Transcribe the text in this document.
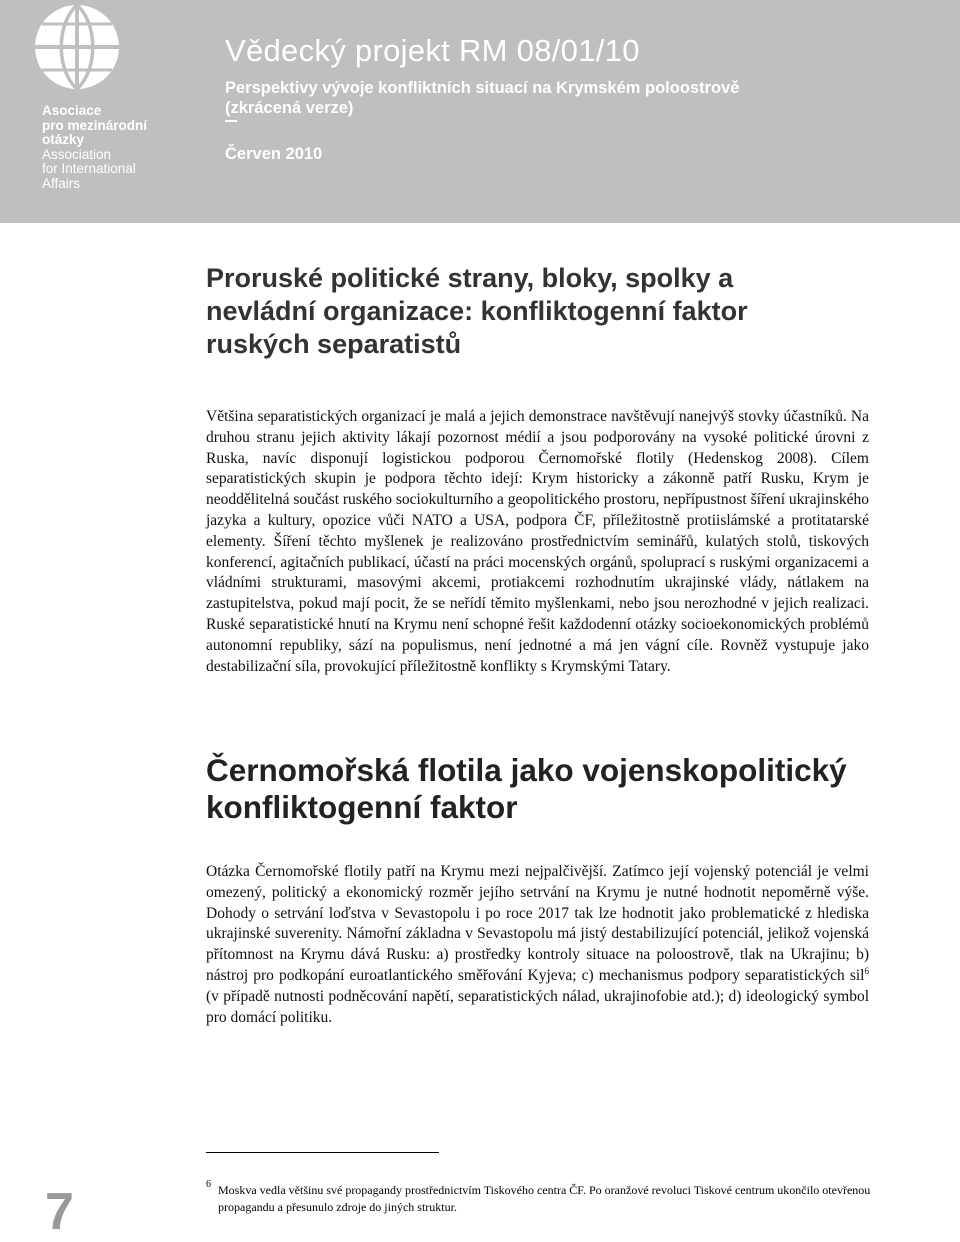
Asociace
pro mezinárodní
otázky
Association
for International
Affairs
Vědecký projekt RM 08/01/10
Perspektivy vývoje konfliktních situací na Krymském poloostrově
(zkrácená verze)
Červen 2010
Proruské politické strany, bloky, spolky a
nevládní organizace: konfliktogenní faktor
ruských separatistů

Většina separatistických organizací je malá a jejich demonstrace navštěvují nanejvýš stovky účastníků. Na druhou stranu jejich aktivity lákají pozornost médií a jsou podporovány na vysoké politické úrovni z Ruska, navíc disponují logistickou podporou Černomořské flotily (Hedenskog 2008). Cílem separatistických skupin je podpora těchto idejí: Krym historicky a zákonně patří Rusku, Krym je neoddělitelná součást ruského sociokulturního a geopolitického prostoru, nepřípustnost šíření ukrajinského jazyka a kultury, opozice vůči NATO a USA, podpora ČF, příležitostně protiislámské a protitatarské elementy. Šíření těchto myšlenek je realizováno prostřednictvím seminářů, kulatých stolů, tiskových konferencí, agitačních publikací, účastí na práci mocenských orgánů, spoluprací s ruskými organizacemi a vládními strukturami, masovými akcemi, protiakcemi rozhodnutím ukrajinské vlády, nátlakem na zastupitelstva, pokud mají pocit, že se neřídí těmito myšlenkami, nebo jsou nerozhodné v jejich realizaci. Ruské separatistické hnutí na Krymu není schopné řešit každodenní otázky socioekonomických problémů autonomní republiky, sází na populismus, není jednotné a má jen vágní cíle. Rovněž vystupuje jako destabilizační síla, provokující příležitostně konflikty s Krymskými Tatary.

Černomořská flotila jako vojenskopolitický
konfliktogenní faktor

Otázka Černomořské flotily patří na Krymu mezi nejpalčivější. Zatímco její vojenský potenciál je velmi omezený, politický a ekonomický rozměr jejího setrvání na Krymu je nutné hodnotit nepoměrně výše. Dohody o setrvání loďstva v Sevastopolu i po roce 2017 tak lze hodnotit jako problematické z hlediska ukrajinské suverenity. Námořní základna v Sevastopolu má jistý destabilizující potenciál, jelikož vojenská přítomnost na Krymu dává Rusku: a) prostředky kontroly situace na poloostrově, tlak na Ukrajinu; b) nástroj pro podkopání euroatlantického směřování Kyjeva; c) mechanismus podpory separatistických sil$^6$ (v případě nutnosti podněcování napětí, separatistických nálad, ukrajinofobie atd.); d) ideologický symbol pro domácí politiku.

6 Moskva vedla většinu své propagandy prostřednictvím Tiskového centra ČF. Po oranžové revoluci Tiskové centrum ukončilo otevřenou propagandu a přesunulo zdroje do jiných struktur.
7
